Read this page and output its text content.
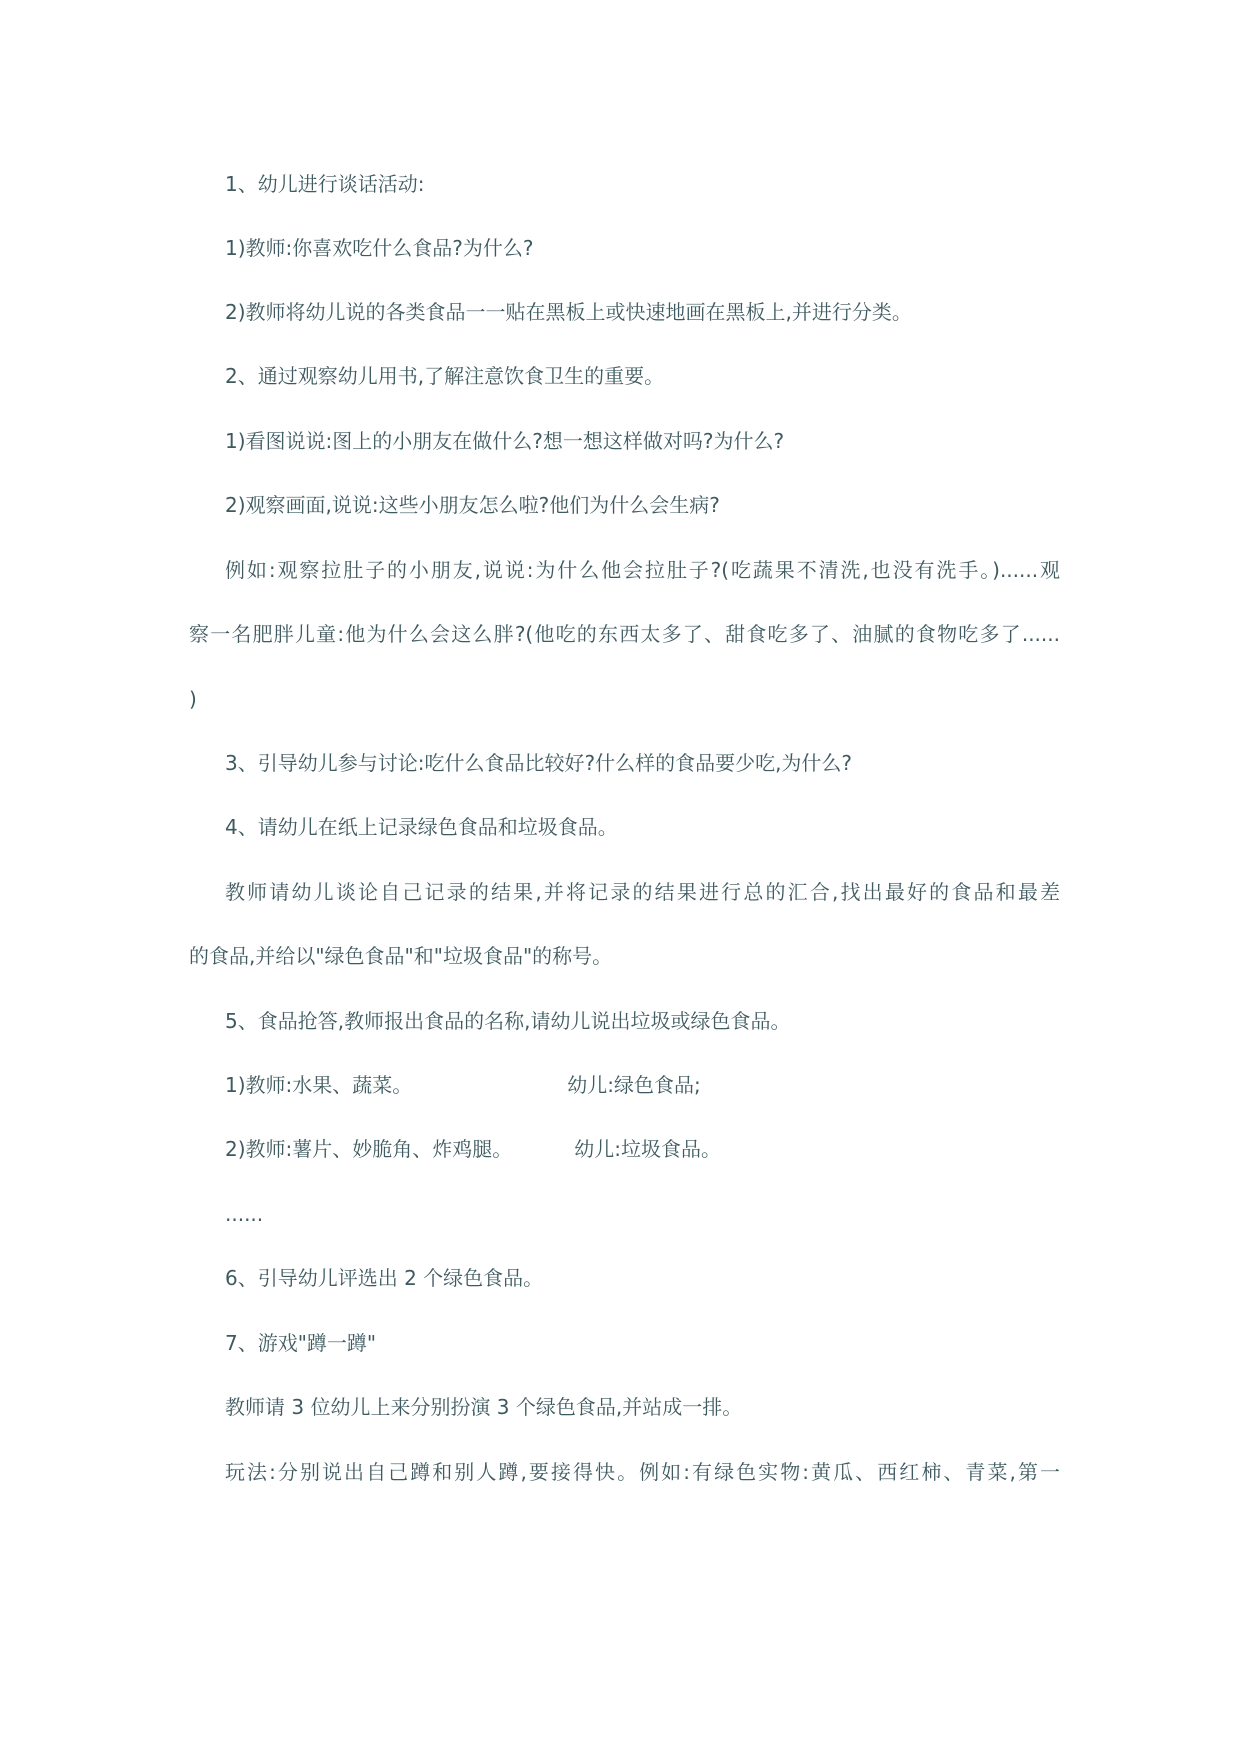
1、幼儿进行谈话活动:
1)教师:你喜欢吃什么食品?为什么?
2)教师将幼儿说的各类食品一一贴在黑板上或快速地画在黑板上,并进行分类。
2、通过观察幼儿用书,了解注意饮食卫生的重要。
1)看图说说:图上的小朋友在做什么?想一想这样做对吗?为什么?
2)观察画面,说说:这些小朋友怎么啦?他们为什么会生病?
例如:观察拉肚子的小朋友,说说:为什么他会拉肚子?(吃蔬果不清洗,也没有洗手。)......观
察一名肥胖儿童:他为什么会这么胖?(他吃的东西太多了、甜食吃多了、油腻的食物吃多了......
)
3、引导幼儿参与讨论:吃什么食品比较好?什么样的食品要少吃,为什么?
4、请幼儿在纸上记录绿色食品和垃圾食品。
教师请幼儿谈论自己记录的结果,并将记录的结果进行总的汇合,找出最好的食品和最差
的食品,并给以"绿色食品"和"垃圾食品"的称号。
5、食品抢答,教师报出食品的名称,请幼儿说出垃圾或绿色食品。
1)教师:水果、蔬菜。	幼儿:绿色食品;
2)教师:薯片、妙脆角、炸鸡腿。	幼儿:垃圾食品。
......
6、引导幼儿评选出 2 个绿色食品。
7、游戏"蹲一蹲"
教师请 3 位幼儿上来分别扮演 3 个绿色食品,并站成一排。
玩法:分别说出自己蹲和别人蹲,要接得快。例如:有绿色实物:黄瓜、西红柿、青菜,第一
